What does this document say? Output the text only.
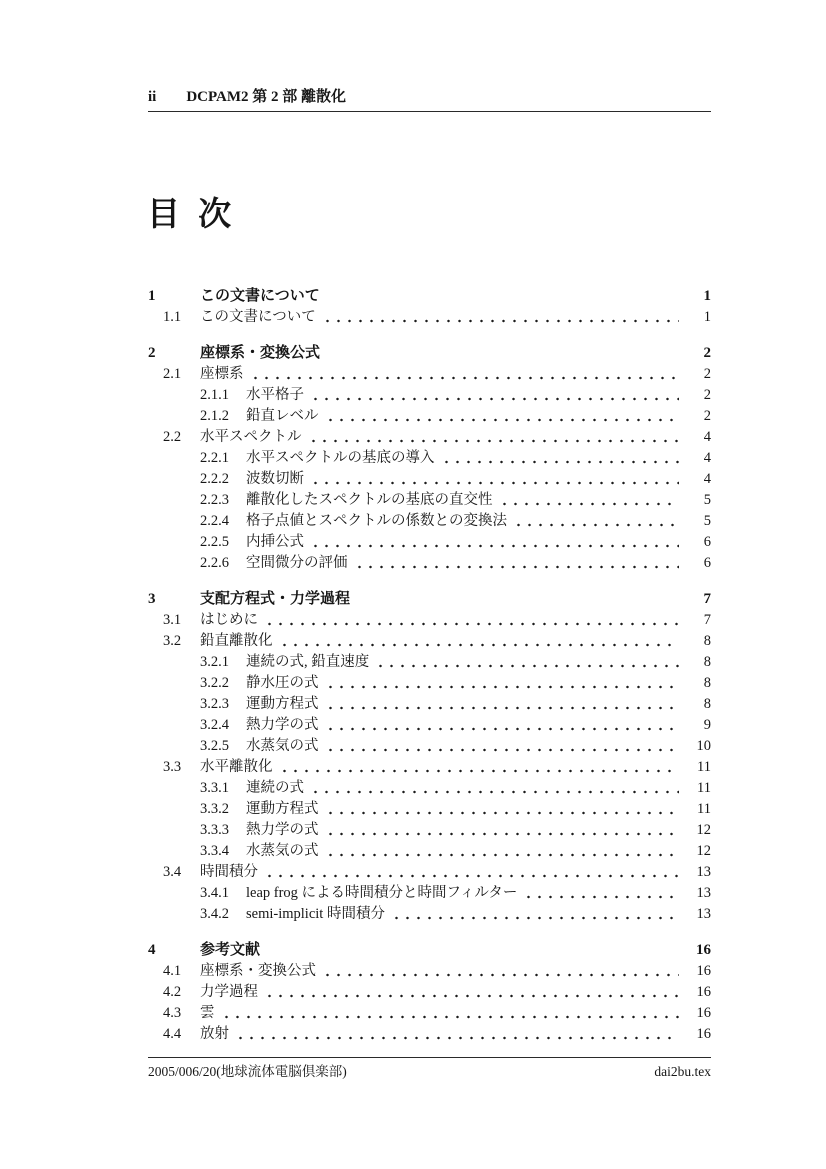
ii DCPAM2 第 2 部 離散化
目 次
1	この文書について	1
1.1	この文書について	1
2	座標系・変換公式	2
2.1	座標系	2
2.1.1	水平格子	2
2.1.2	鉛直レベル	2
2.2	水平スペクトル	4
2.2.1	水平スペクトルの基底の導入	4
2.2.2	波数切断	4
2.2.3	離散化したスペクトルの基底の直交性	5
2.2.4	格子点値とスペクトルの係数との変換法	5
2.2.5	内挿公式	6
2.2.6	空間微分の評価	6
3	支配方程式・力学過程	7
3.1	はじめに	7
3.2	鉛直離散化	8
3.2.1	連続の式, 鉛直速度	8
3.2.2	静水圧の式	8
3.2.3	運動方程式	8
3.2.4	熱力学の式	9
3.2.5	水蒸気の式	10
3.3	水平離散化	11
3.3.1	連続の式	11
3.3.2	運動方程式	11
3.3.3	熱力学の式	12
3.3.4	水蒸気の式	12
3.4	時間積分	13
3.4.1	leap frog による時間積分と時間フィルター	13
3.4.2	semi-implicit 時間積分	13
4	参考文献	16
4.1	座標系・変換公式	16
4.2	力学過程	16
4.3	雲	16
4.4	放射	16
2005/006/20(地球流体電脳倶楽部)	dai2bu.tex
